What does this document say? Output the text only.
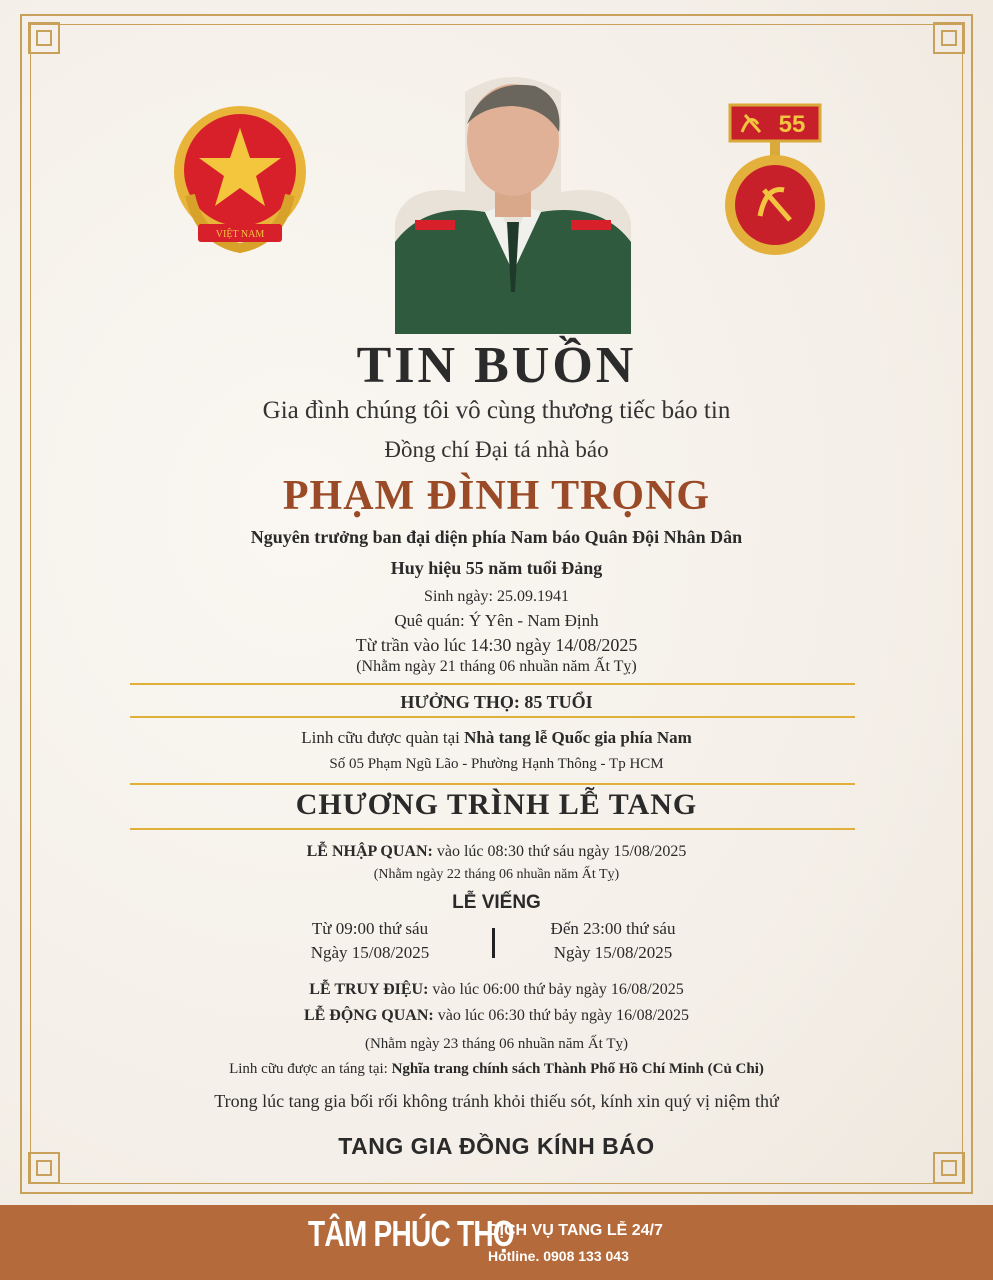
VIỆT NAM
55
TIN BUỒN
Gia đình chúng tôi vô cùng thương tiếc báo tin
Đồng chí Đại tá nhà báo
PHẠM ĐÌNH TRỌNG
Nguyên trưởng ban đại diện phía Nam báo Quân Đội Nhân Dân
Huy hiệu 55 năm tuổi Đảng
Sinh ngày: 25.09.1941
Quê quán: Ý Yên - Nam Định
Từ trần vào lúc 14:30 ngày 14/08/2025
(Nhằm ngày 21 tháng 06 nhuần năm Ất Tỵ)
HƯỞNG THỌ: 85 TUỔI
Linh cữu được quàn tại Nhà tang lễ Quốc gia phía Nam
Số 05 Phạm Ngũ Lão - Phường Hạnh Thông - Tp HCM
CHƯƠNG TRÌNH LỄ TANG
LỄ NHẬP QUAN: vào lúc 08:30 thứ sáu ngày 15/08/2025
(Nhằm ngày 22 tháng 06 nhuần năm Ất Tỵ)
LỄ VIẾNG
Từ 09:00 thứ sáu
Ngày 15/08/2025
Đến 23:00 thứ sáu
Ngày 15/08/2025
LỄ TRUY ĐIỆU: vào lúc 06:00 thứ bảy ngày 16/08/2025
LỄ ĐỘNG QUAN: vào lúc 06:30 thứ bảy ngày 16/08/2025
(Nhằm ngày 23 tháng 06 nhuần năm Ất Tỵ)
Linh cữu được an táng tại: Nghĩa trang chính sách Thành Phố Hồ Chí Minh (Củ Chi)
Trong lúc tang gia bối rối không tránh khỏi thiếu sót, kính xin quý vị niệm thứ
TANG GIA ĐỒNG KÍNH BÁO
TÂM PHÚC THỌ
DỊCH VỤ TANG LỄ 24/7
Hotline. 0908 133 043
